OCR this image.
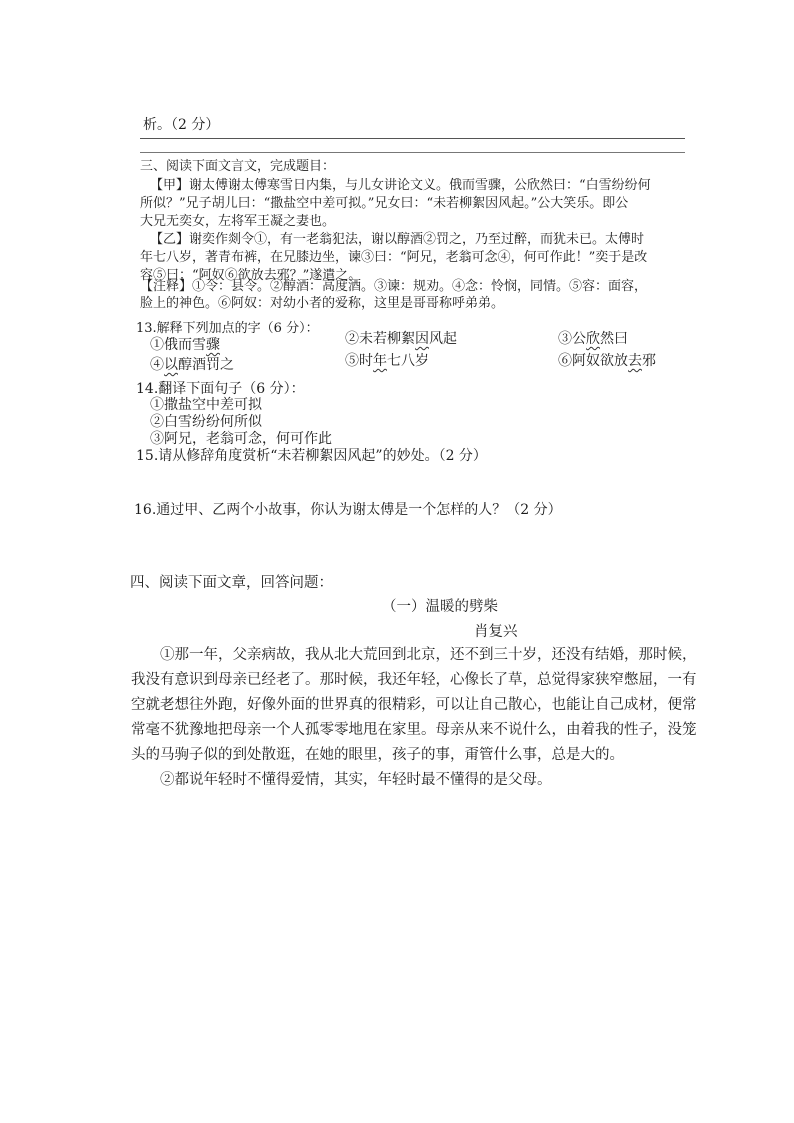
析。（2 分）
三、阅读下面文言文，完成题目：
【甲】谢太傅谢太傅寒雪日内集，与儿女讲论文义。俄而雪骤，公欣然曰：“白雪纷纷何
所似？”兄子胡儿曰：“撒盐空中差可拟。”兄女曰：“未若柳絮因风起。”公大笑乐。即公
大兄无奕女，左将军王凝之妻也。
【乙】谢奕作剡令①，有一老翁犯法，谢以醇酒②罚之，乃至过醉，而犹未已。太傅时
年七八岁，著青布裤，在兄膝边坐，谏③曰：“阿兄，老翁可念④，何可作此！”奕于是改
容⑤曰：“阿奴⑥欲放去邪？”遂遣之。
【注释】①令：县令。②醇酒：高度酒。③谏：规劝。④念：怜悯，同情。⑤容：面容，
脸上的神色。⑥阿奴：对幼小者的爱称，这里是哥哥称呼弟弟。
13.解释下列加点的字（6 分）：
①俄而雪骤	②未若柳絮因风起	③公欣然曰
④以醇酒罚之	⑤时年七八岁	⑥阿奴欲放去邪
14.翻译下面句子（6 分）：
①撒盐空中差可拟
②白雪纷纷何所似
③阿兄，老翁可念，何可作此
15.请从修辞角度赏析“未若柳絮因风起”的妙处。（2 分）
16.通过甲、乙两个小故事，你认为谢太傅是一个怎样的人？（2 分）
四、阅读下面文章，回答问题：
（一）温暖的劈柴
肖复兴
①那一年，父亲病故，我从北大荒回到北京，还不到三十岁，还没有结婚，那时候，
我没有意识到母亲已经老了。那时候，我还年轻，心像长了草，总觉得家狭窄憋屈，一有
空就老想往外跑，好像外面的世界真的很精彩，可以让自己散心，也能让自己成材，便常
常毫不犹豫地把母亲一个人孤零零地甩在家里。母亲从来不说什么，由着我的性子，没笼
头的马驹子似的到处散逛，在她的眼里，孩子的事，甭管什么事，总是大的。
②都说年轻时不懂得爱情，其实，年轻时最不懂得的是父母。
